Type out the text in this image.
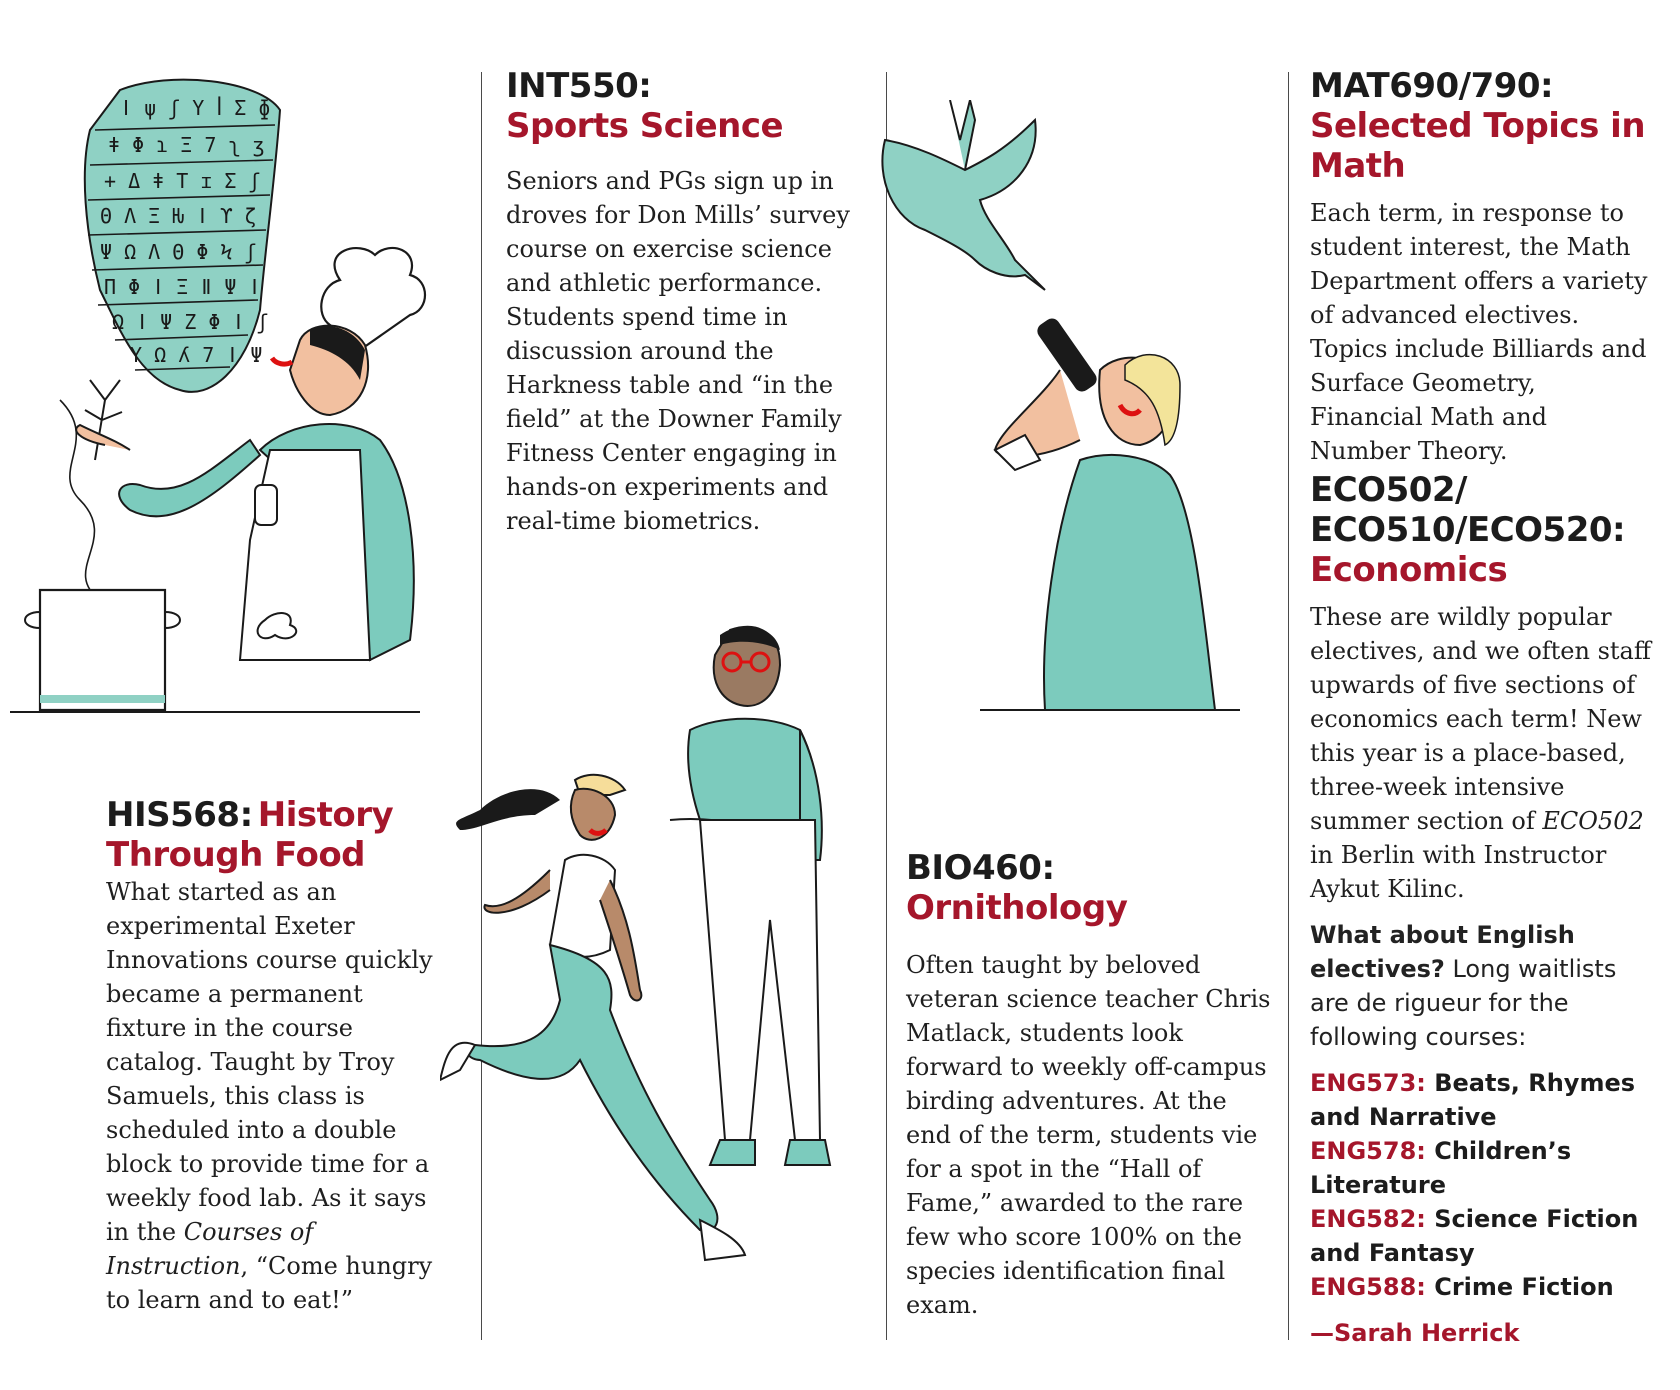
ǀ ψ ʃ Y ꟾ Σ ɸ
ǂ Φ ɿ Ξ 7 ʅ ʒ
+ Δ ǂ T ɪ Σ ʃ
Θ Λ Ξ Ƕ ǀ ϒ ζ
Ψ Ω Λ Θ Φ Ϟ ʃ
Π Φ ǀ Ξ ǁ Ψ ǀ
Ω ǀ Ψ Z Φ ǀ ʃ
Y Ω ʎ 7 ǀ Ψ
HIS568: History Through Food

What started as an experimental Exeter Innovations course quickly became a permanent fixture in the course catalog. Taught by Troy Samuels, this class is scheduled into a double block to provide time for a weekly food lab. As it says in the Courses of Instruction, “Come hungry to learn and to eat!”

INT550:
Sports Science

Seniors and PGs sign up in droves for Don Mills’ survey course on exercise science and athletic performance. Students spend time in discussion around the Harkness table and “in the field” at the Downer Family Fitness Center engaging in hands-on experiments and real-time biometrics.

BIO460:
Ornithology

Often taught by beloved veteran science teacher Chris Matlack, students look forward to weekly off-campus birding adventures. At the end of the term, students vie for a spot in the “Hall of Fame,” awarded to the rare few who score 100% on the species identification final exam.

MAT690/790:
Selected Topics in Math

Each term, in response to student interest, the Math Department offers a variety of advanced electives. Topics include Billiards and Surface Geometry, Financial Math and Number Theory.

ECO502/ ECO510/ECO520:
Economics

These are wildly popular electives, and we often staff upwards of five sections of economics each term! New this year is a place-based, three-week intensive summer section of ECO502 in Berlin with Instructor Aykut Kilinc.

What about English electives? Long waitlists are de rigueur for the following courses:

ENG573: Beats, Rhymes and Narrative

ENG578: Children’s Literature

ENG582: Science Fiction and Fantasy

ENG588: Crime Fiction

—Sarah Herrick
